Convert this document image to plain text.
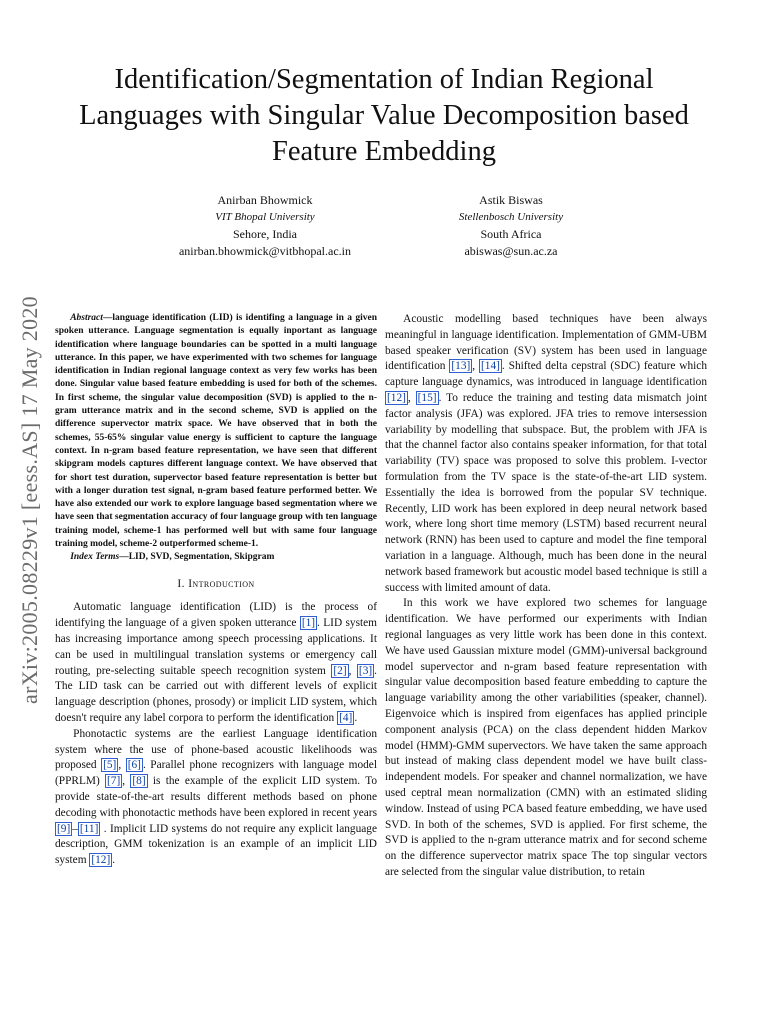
arXiv:2005.08229v1 [eess.AS] 17 May 2020
Identification/Segmentation of Indian Regional Languages with Singular Value Decomposition based Feature Embedding
Anirban Bhowmick
VIT Bhopal University
Sehore, India
anirban.bhowmick@vitbhopal.ac.in
Astik Biswas
Stellenbosch University
South Africa
abiswas@sun.ac.za

Abstract—language identification (LID) is identifing a language in a given spoken utterance. Language segmentation is equally inportant as language identification where language boundaries can be spotted in a multi language utterance. In this paper, we have experimented with two schemes for language identification in Indian regional language context as very few works has been done. Singular value based feature embedding is used for both of the schemes. In first scheme, the singular value decomposition (SVD) is applied to the n-gram utterance matrix and in the second scheme, SVD is applied on the difference supervector matrix space. We have observed that in both the schemes, 55-65% singular value energy is sufficient to capture the language context. In n-gram based feature representation, we have seen that different skipgram models captures different language context. We have observed that for short test duration, supervector based feature representation is better but with a longer duration test signal, n-gram based feature performed better. We have also extended our work to explore language based segmentation where we have seen that segmentation accuracy of four language group with ten language training model, scheme-1 has performed well but with same four language training model, scheme-2 outperformed scheme-1.

Index Terms—LID, SVD, Segmentation, Skipgram

I. Introduction

Automatic language identification (LID) is the process of identifying the language of a given spoken utterance [1] . LID system has increasing importance among speech processing applications. It can be used in multilingual translation systems or emergency call routing, pre-selecting suitable speech recognition system [2] , [3] . The LID task can be carried out with different levels of explicit language description (phones, prosody) or implicit LID system, which doesn't require any label corpora to perform the identification [4] .

Phonotactic systems are the earliest Language identification system where the use of phone-based acoustic likelihoods was proposed [5] , [6] . Parallel phone recognizers with language model (PPRLM) [7] , [8] is the example of the explicit LID system. To provide state-of-the-art results different methods based on phone decoding with phonotactic methods have been explored in recent years [9] – [11] . Implicit LID systems do not require any explicit language description, GMM tokenization is an example of an implicit LID system [12] .

Acoustic modelling based techniques have been always meaningful in language identification. Implementation of GMM-UBM based speaker verification (SV) system has been used in language identification [13] , [14] . Shifted delta cepstral (SDC) feature which capture language dynamics, was introduced in language identification [12] , [15] . To reduce the training and testing data mismatch joint factor analysis (JFA) was explored. JFA tries to remove intersession variability by modelling that subspace. But, the problem with JFA is that the channel factor also contains speaker information, for that total variability (TV) space was proposed to solve this problem. I-vector formulation from the TV space is the state-of-the-art LID system. Essentially the idea is borrowed from the popular SV technique. Recently, LID work has been explored in deep neural network based work, where long short time memory (LSTM) based recurrent neural network (RNN) has been used to capture and model the fine temporal variation in a language. Although, much has been done in the neural network based framework but acoustic model based technique is still a success with limited amount of data.

In this work we have explored two schemes for language identification. We have performed our experiments with Indian regional languages as very little work has been done in this context. We have used Gaussian mixture model (GMM)-universal background model supervector and n-gram based feature representation with singular value decomposition based feature embedding to capture the language variability among the other variabilities (speaker, channel). Eigenvoice which is inspired from eigenfaces has applied principle component analysis (PCA) on the class dependent hidden Markov model (HMM)-GMM supervectors. We have taken the same approach but instead of making class dependent model we have built class-independent models. For speaker and channel normalization, we have used ceptral mean normalization (CMN) with an estimated sliding window. Instead of using PCA based feature embedding, we have used SVD. In both of the schemes, SVD is applied. For first scheme, the SVD is applied to the n-gram utterance matrix and for second scheme on the difference supervector matrix space The top singular vectors are selected from the singular value distribution, to retain
